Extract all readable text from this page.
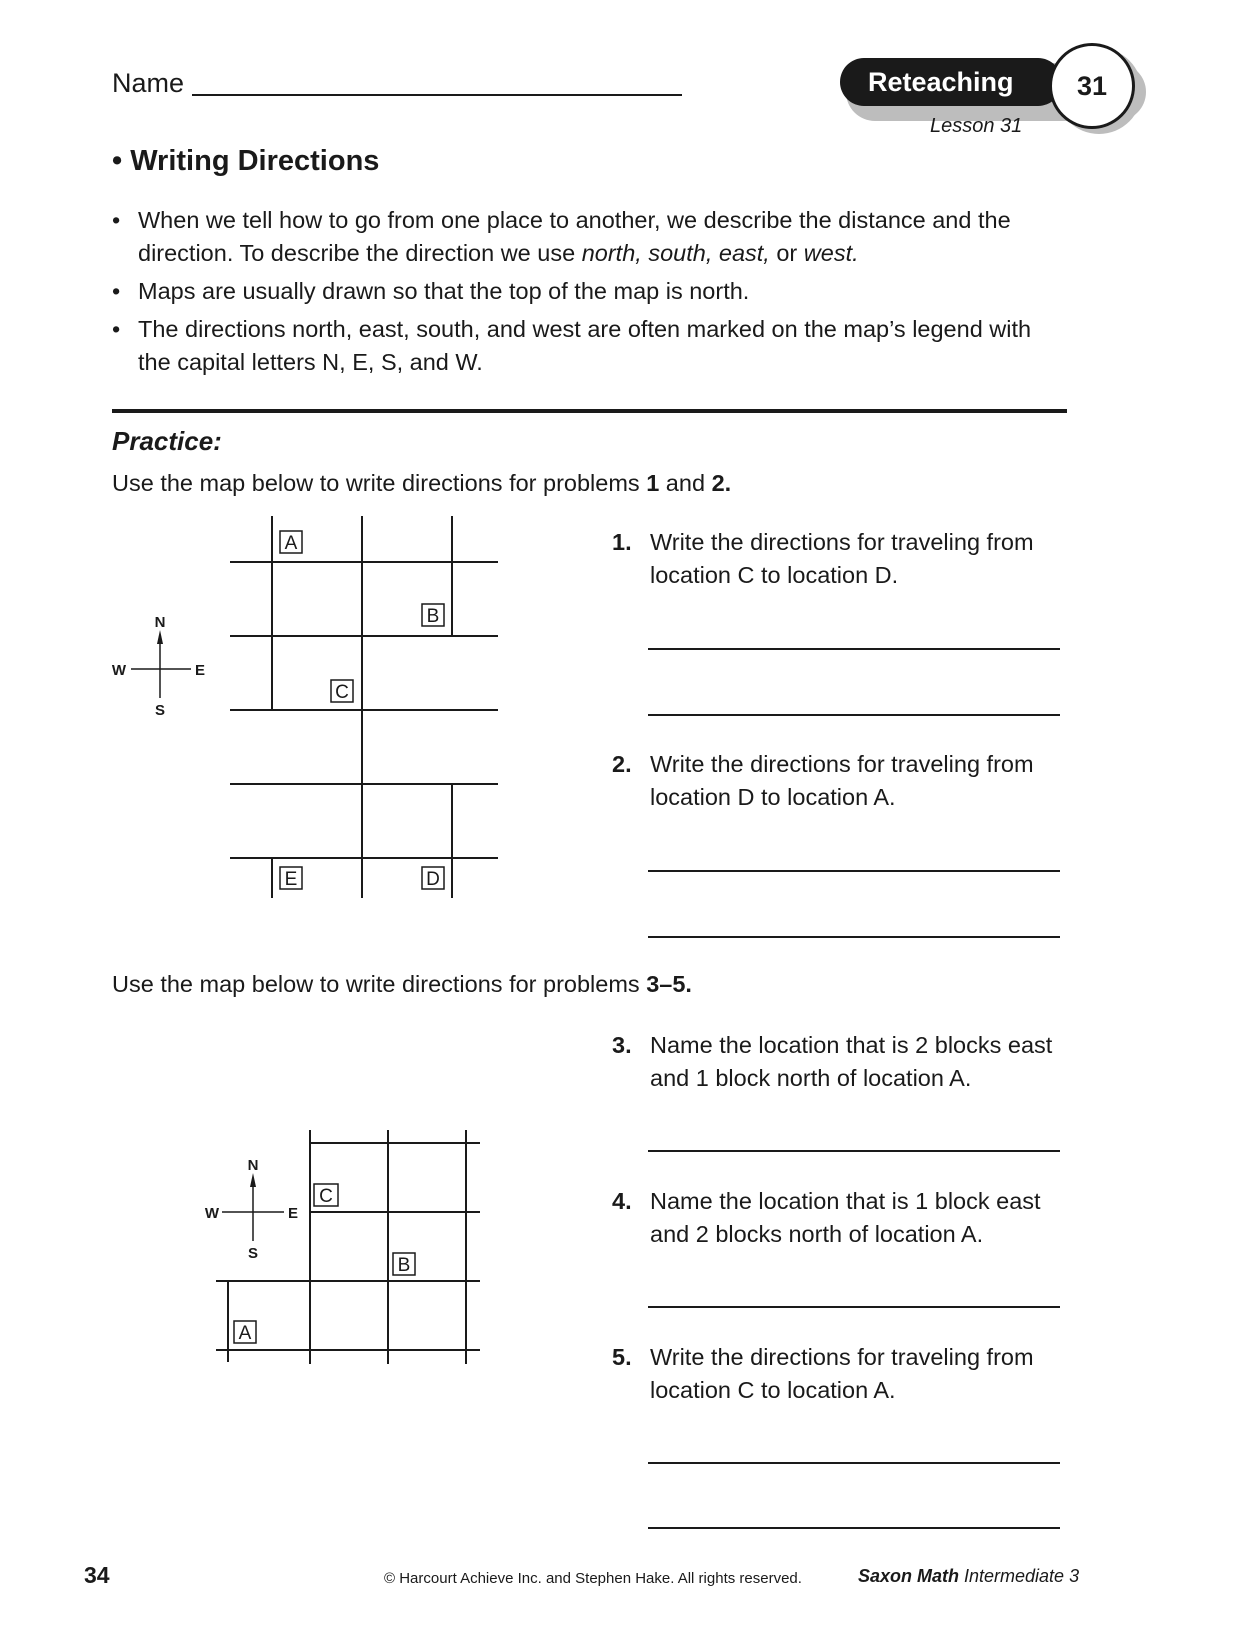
Name	Reteaching	31
Lesson 31
• Writing Directions
• When we tell how to go from one place to another, we describe the distance and the direction. To describe the direction we use north, south, east, or west.
• Maps are usually drawn so that the top of the map is north.
• The directions north, east, south, and west are often marked on the map’s legend with the capital letters N, E, S, and W.
Practice:
Use the map below to write directions for problems 1 and 2.
A
B
C
D
E
N
S
E
W
A
B
C
N
S
E
W
1. Write the directions for traveling from location C to location D.
2. Write the directions for traveling from location D to location A.
Use the map below to write directions for problems 3–5.
3. Name the location that is 2 blocks east and 1 block north of location A.
4. Name the location that is 1 block east and 2 blocks north of location A.
5. Write the directions for traveling from location C to location A.
34	© Harcourt Achieve Inc. and Stephen Hake. All rights reserved.	Saxon Math Intermediate 3
